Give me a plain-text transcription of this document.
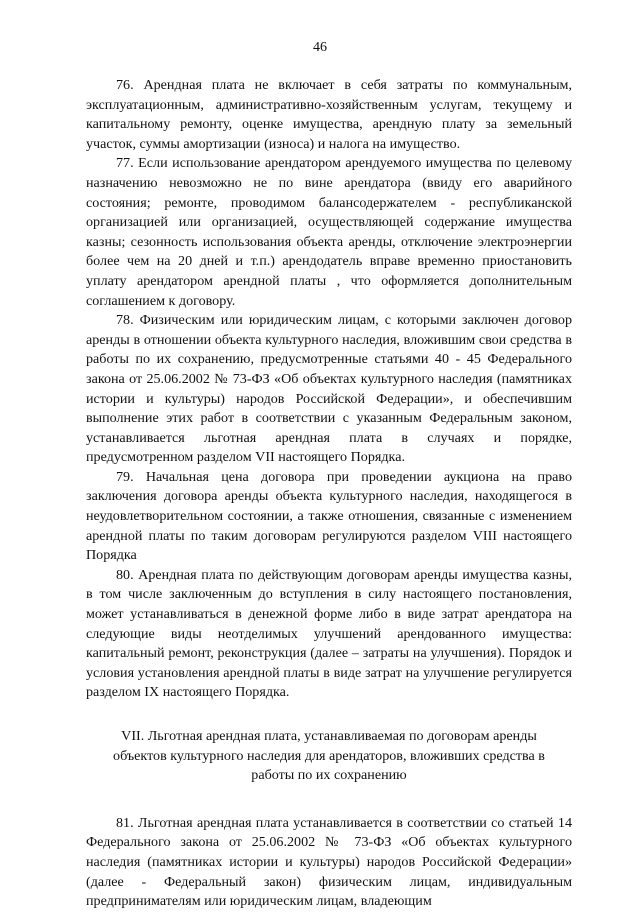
46

76. Арендная плата не включает в себя затраты по коммунальным, эксплуатационным, административно-хозяйственным услугам, текущему и капитальному ремонту, оценке имущества, арендную плату за земельный участок, суммы амортизации (износа) и налога на имущество.

77. Если использование арендатором арендуемого имущества по целевому назначению невозможно не по вине арендатора (ввиду его аварийного состояния; ремонте, проводимом балансодержателем - республиканской организацией или организацией, осуществляющей содержание имущества казны; сезонность использования объекта аренды, отключение электроэнергии более чем на 20 дней и т.п.) арендодатель вправе временно приостановить уплату арендатором арендной платы , что оформляется дополнительным соглашением к договору.

78. Физическим или юридическим лицам, с которыми заключен договор аренды в отношении объекта культурного наследия, вложившим свои средства в работы по их сохранению, предусмотренные статьями 40 - 45 Федерального закона от 25.06.2002 № 73-ФЗ «Об объектах культурного наследия (памятниках истории и культуры) народов Российской Федерации», и обеспечившим выполнение этих работ в соответствии с указанным Федеральным законом, устанавливается льготная арендная плата в случаях и порядке, предусмотренном разделом VII настоящего Порядка.

79. Начальная цена договора при проведении аукциона на право заключения договора аренды объекта культурного наследия, находящегося в неудовлетворительном состоянии, а также отношения, связанные с изменением арендной платы по таким договорам регулируются разделом VIII настоящего Порядка

80. Арендная плата по действующим договорам аренды имущества казны, в том числе заключенным до вступления в силу настоящего постановления, может устанавливаться в денежной форме либо в виде затрат арендатора на следующие виды неотделимых улучшений арендованного имущества: капитальный ремонт, реконструкция (далее – затраты на улучшения). Порядок и условия установления арендной платы в виде затрат на улучшение регулируется разделом IX настоящего Порядка.

VII. Льготная арендная плата, устанавливаемая по договорам аренды объектов культурного наследия для арендаторов, вложивших средства в работы по их сохранению

81. Льготная арендная плата устанавливается в соответствии со статьей 14 Федерального закона от 25.06.2002 № 73-ФЗ «Об объектах культурного наследия (памятниках истории и культуры) народов Российской Федерации» (далее - Федеральный закон) физическим лицам, индивидуальным предпринимателям или юридическим лицам, владеющим
